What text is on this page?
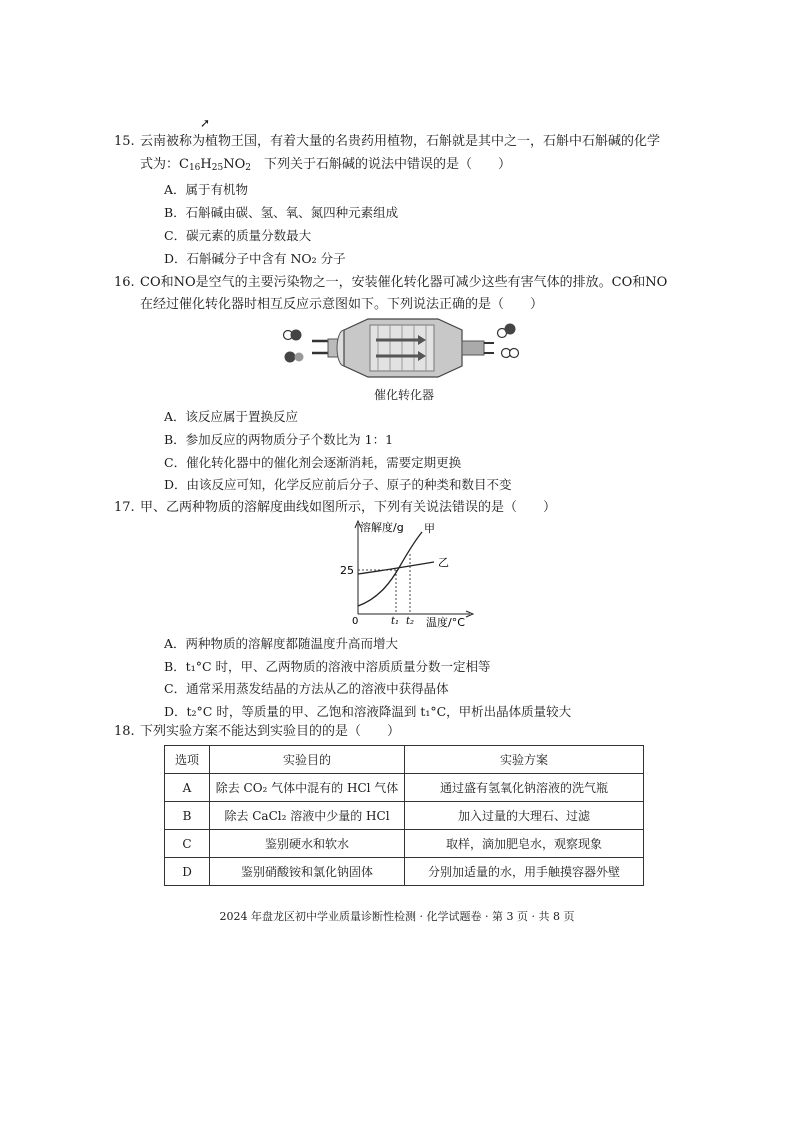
➚
15. 云南被称为植物王国，有着大量的名贵药用植物，石斛就是其中之一，石斛中石斛碱的化学
式为：$C_{16}H_{25}NO_2$　下列关于石斛碱的说法中错误的是（　　）
A．属于有机物
B．石斛碱由碳、氢、氧、氮四种元素组成
C．碳元素的质量分数最大
D．石斛碱分子中含有 NO₂ 分子
16. CO和NO是空气的主要污染物之一，安装催化转化器可减少这些有害气体的排放。CO和NO
在经过催化转化器时相互反应示意图如下。下列说法正确的是（　　）
催化转化器
A．该反应属于置换反应
B．参加反应的两物质分子个数比为 1：1
C．催化转化器中的催化剂会逐渐消耗，需要定期更换
D．由该反应可知，化学反应前后分子、原子的种类和数目不变
17. 甲、乙两种物质的溶解度曲线如图所示，下列有关说法错误的是（　　）
溶解度/g 甲
乙
25
0	t₁ t₂ 温度/°C
A．两种物质的溶解度都随温度升高而增大
B．t₁°C 时，甲、乙两物质的溶液中溶质质量分数一定相等
C．通常采用蒸发结晶的方法从乙的溶液中获得晶体
D．t₂°C 时，等质量的甲、乙饱和溶液降温到 t₁°C，甲析出晶体质量较大
18. 下列实验方案不能达到实验目的的是（　　）
选项	实验目的	实验方案
A	除去 CO₂ 气体中混有的 HCl 气体	通过盛有氢氧化钠溶液的洗气瓶
B	除去 CaCl₂ 溶液中少量的 HCl	加入过量的大理石、过滤
C	鉴别硬水和软水	取样，滴加肥皂水，观察现象
D	鉴别硝酸铵和氯化钠固体	分别加适量的水，用手触摸容器外壁
2024 年盘龙区初中学业质量诊断性检测 · 化学试题卷 · 第 3 页 · 共 8 页
